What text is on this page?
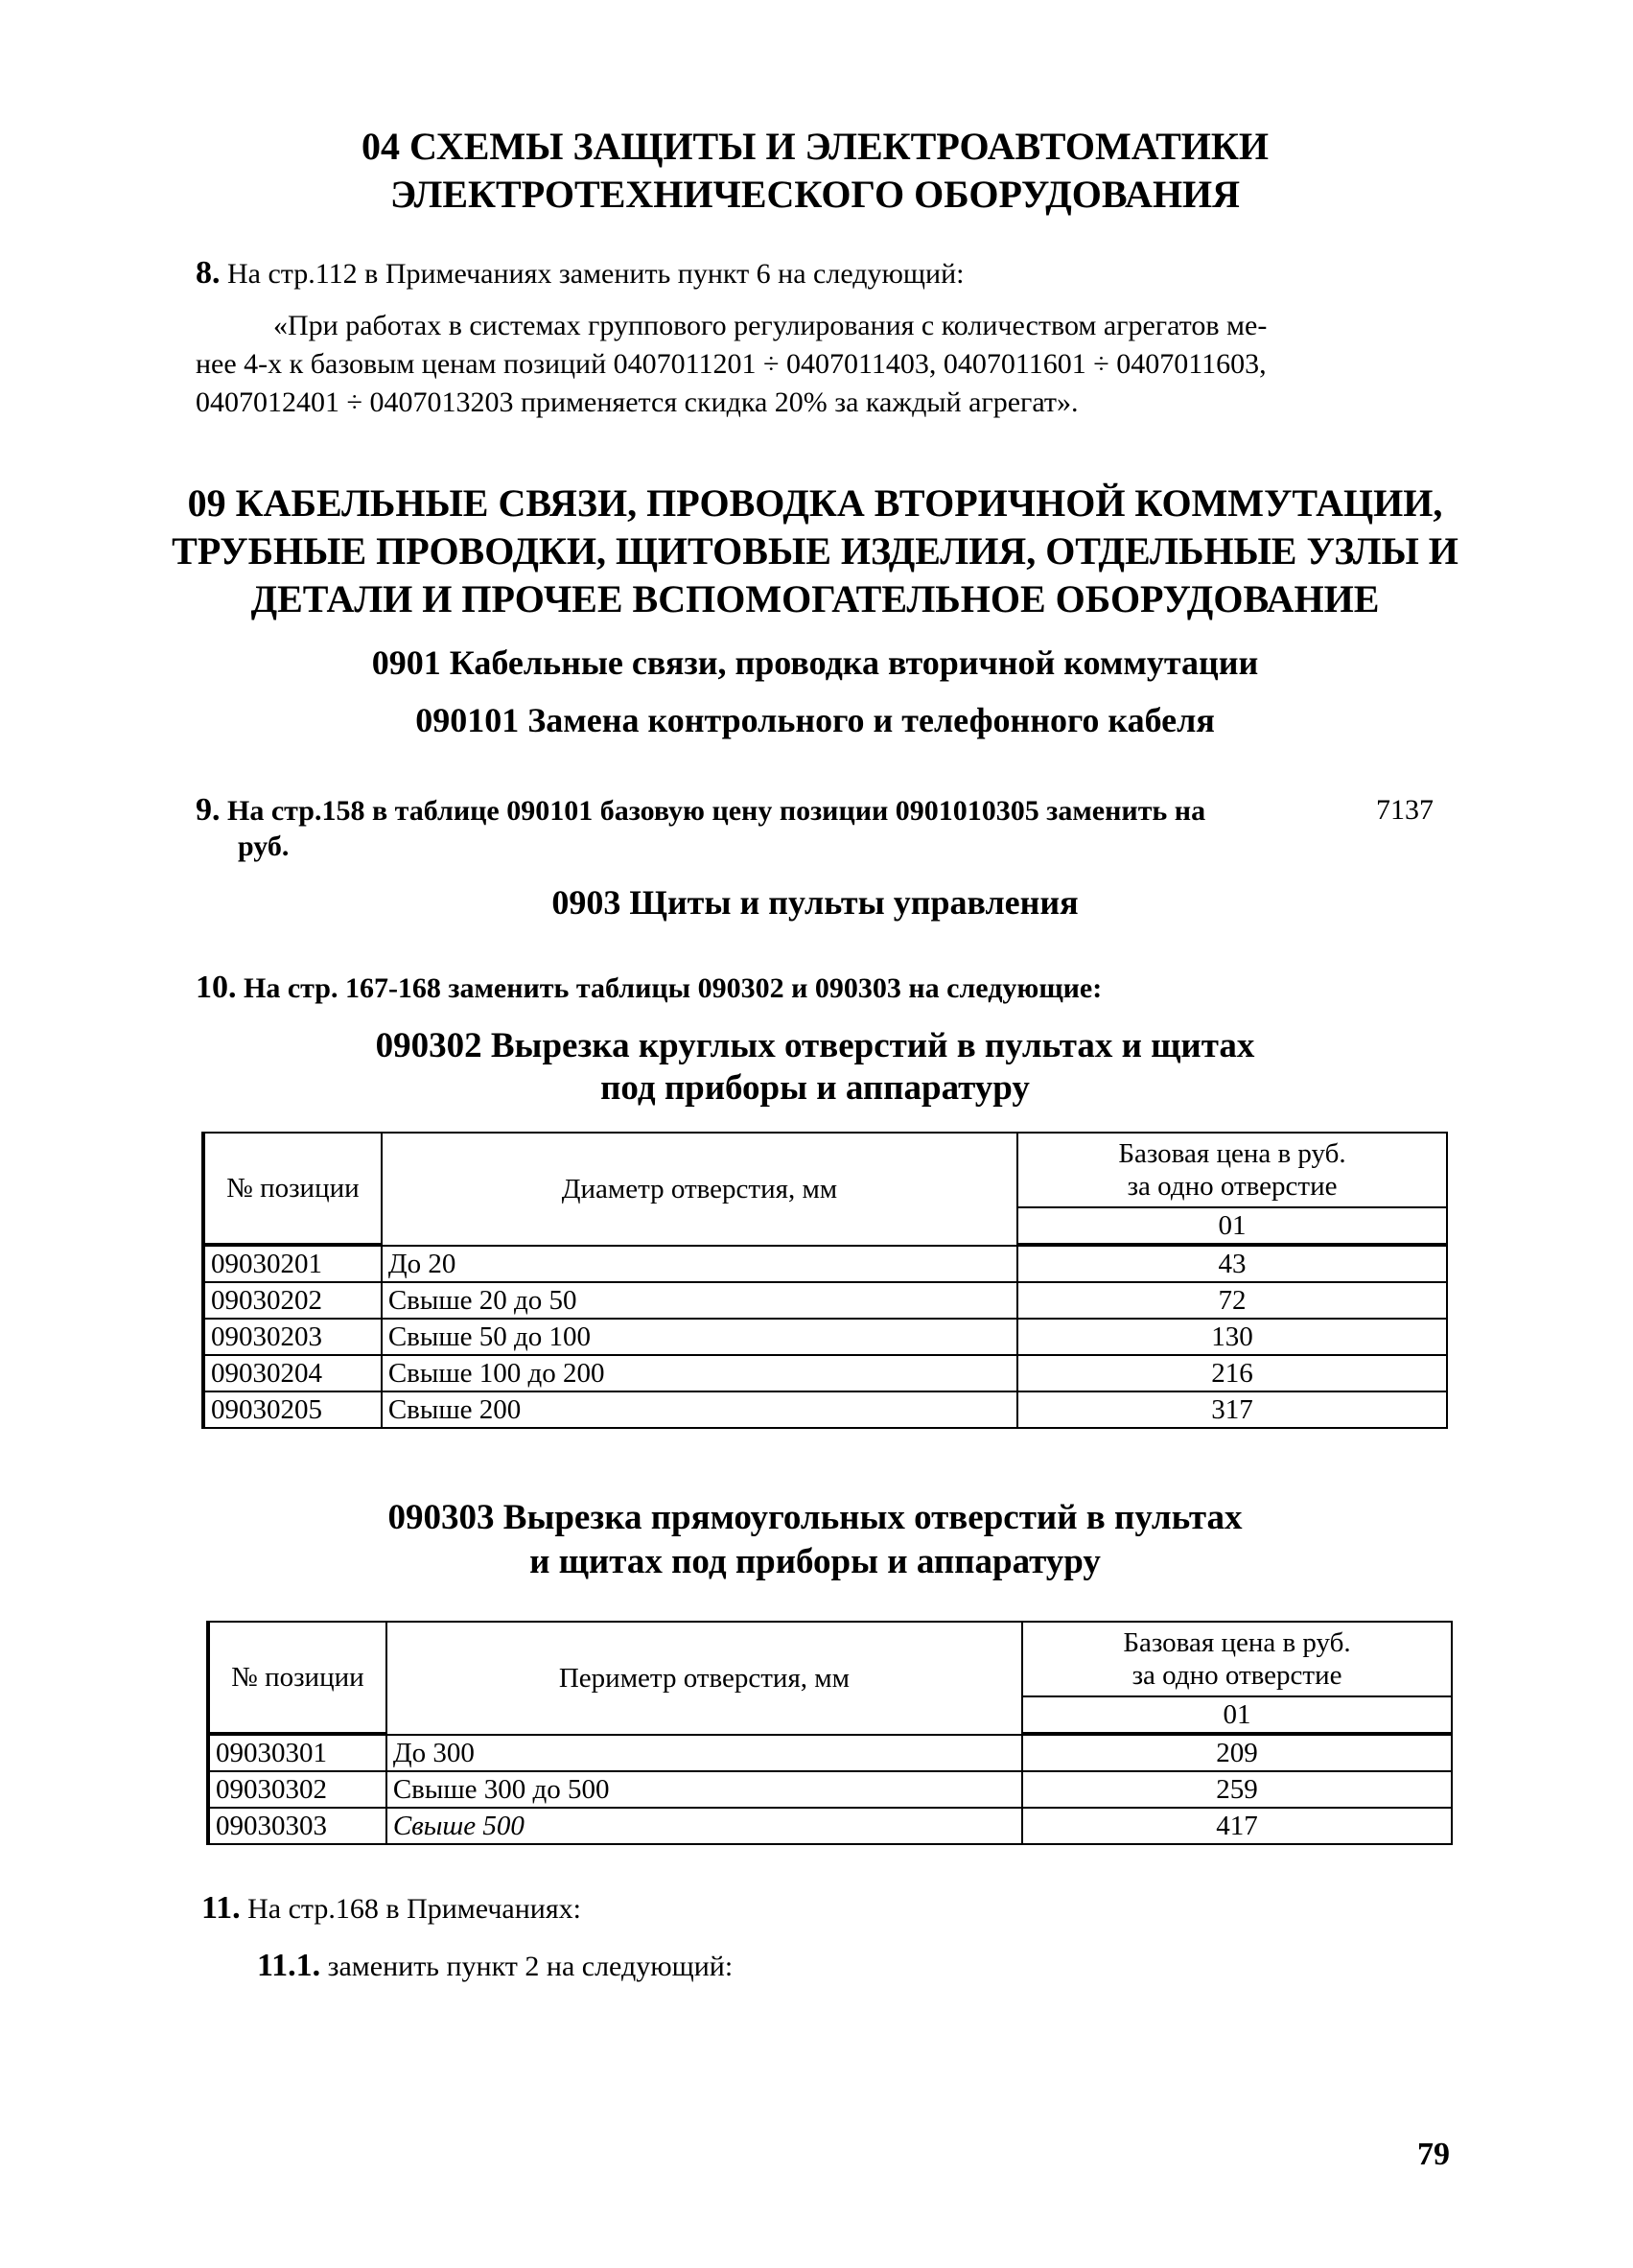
04 СХЕМЫ ЗАЩИТЫ И ЭЛЕКТРОАВТОМАТИКИ
ЭЛЕКТРОТЕХНИЧЕСКОГО ОБОРУДОВАНИЯ
8. На стр.112 в Примечаниях заменить пункт 6 на следующий:
«При работах в системах группового регулирования с количеством агрегатов ме-
нее 4-х к базовым ценам позиций 0407011201 ÷ 0407011403, 0407011601 ÷ 0407011603,
0407012401 ÷ 0407013203 применяется скидка 20% за каждый агрегат».
09 КАБЕЛЬНЫЕ СВЯЗИ, ПРОВОДКА ВТОРИЧНОЙ КОММУТАЦИИ,
ТРУБНЫЕ ПРОВОДКИ, ЩИТОВЫЕ ИЗДЕЛИЯ, ОТДЕЛЬНЫЕ УЗЛЫ И
ДЕТАЛИ И ПРОЧЕЕ ВСПОМОГАТЕЛЬНОЕ ОБОРУДОВАНИЕ
0901 Кабельные связи, проводка вторичной коммутации
090101 Замена контрольного и телефонного кабеля
9. На стр.158 в таблице 090101 базовую цену позиции 0901010305 заменить на	7137
руб.
0903 Щиты и пульты управления
10. На стр. 167-168 заменить таблицы 090302 и 090303 на следующие:
090302 Вырезка круглых отверстий в пультах и щитах
под приборы и аппаратуру
№ позиции	Диаметр отверстия, мм	Базовая цена в руб.
за одно отверстие

		01

09030201	До 20	43
09030202	Свыше 20 до 50	72
09030203	Свыше 50 до 100	130
09030204	Свыше 100 до 200	216
09030205	Свыше 200	317
090303 Вырезка прямоугольных отверстий в пультах
и щитах под приборы и аппаратуру
№ позиции	Периметр отверстия, мм	Базовая цена в руб.
за одно отверстие

		01

09030301	До 300	209
09030302	Свыше 300 до 500	259
09030303	Свыше 500	417
11. На стр.168 в Примечаниях:
11.1. заменить пункт 2 на следующий:
79
